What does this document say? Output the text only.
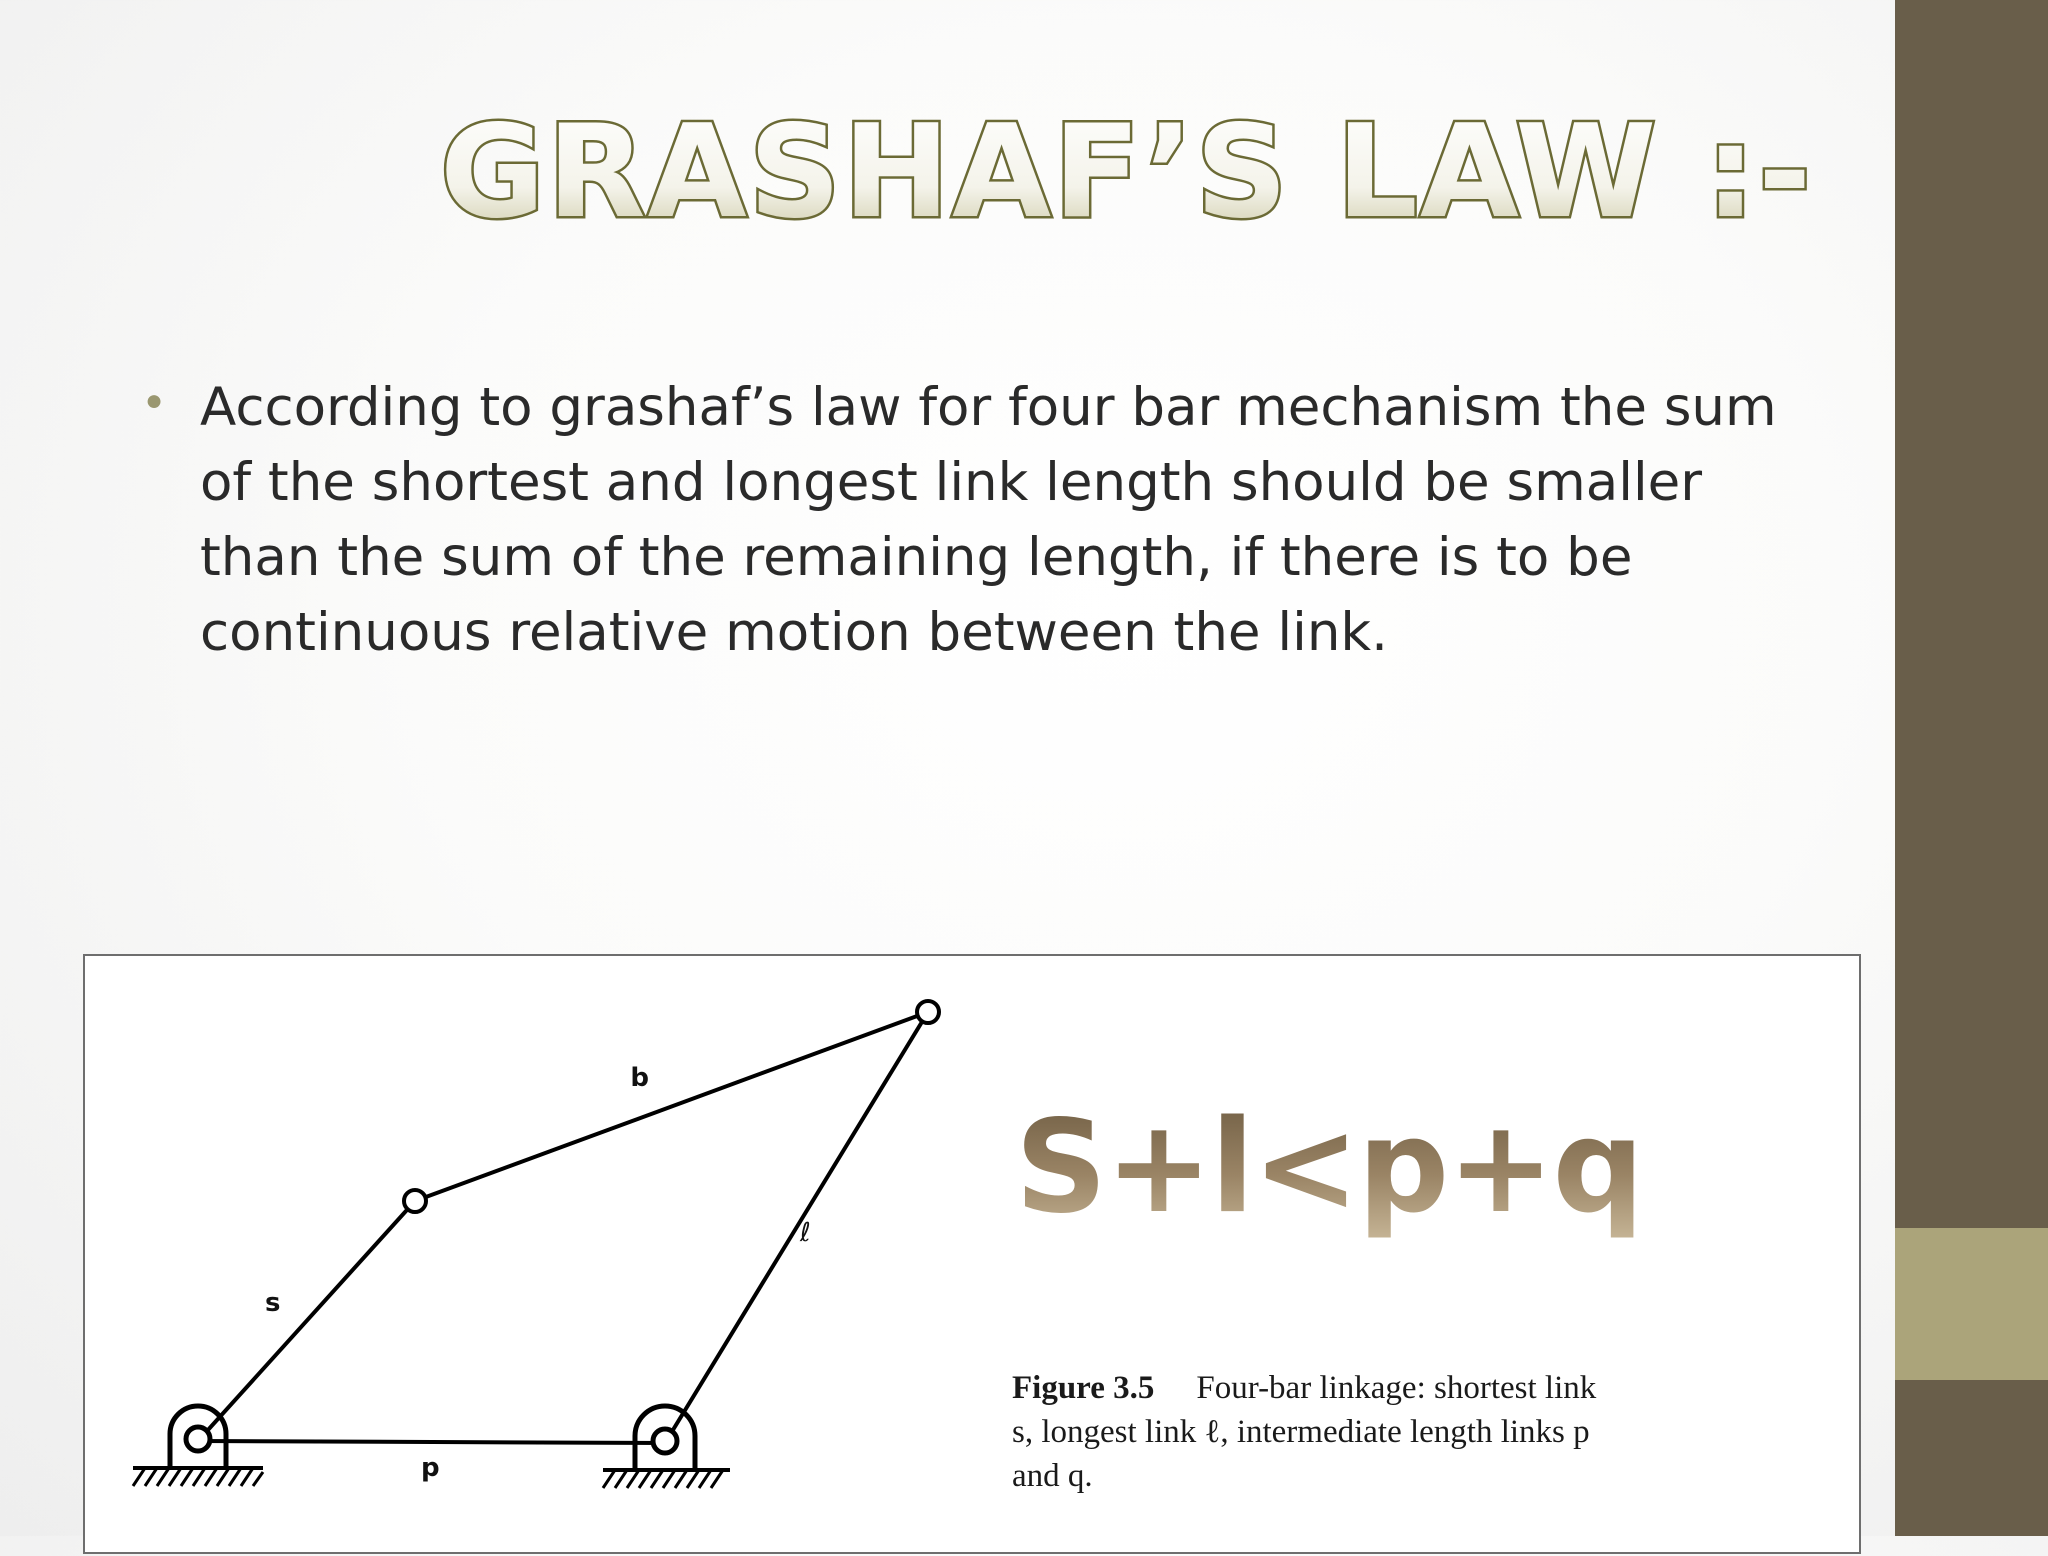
GRASHAF’S LAW :-
● According to grashaf’s law for four bar mechanism the sum of the shortest and longest link length should be smaller than the sum of the remaining length, if there is to be continuous relative motion between the link.
q
ℓ
s
p
S+l<p+q
Figure 3.5 Four-bar linkage: shortest link
s, longest link ℓ, intermediate length links p
and q.
